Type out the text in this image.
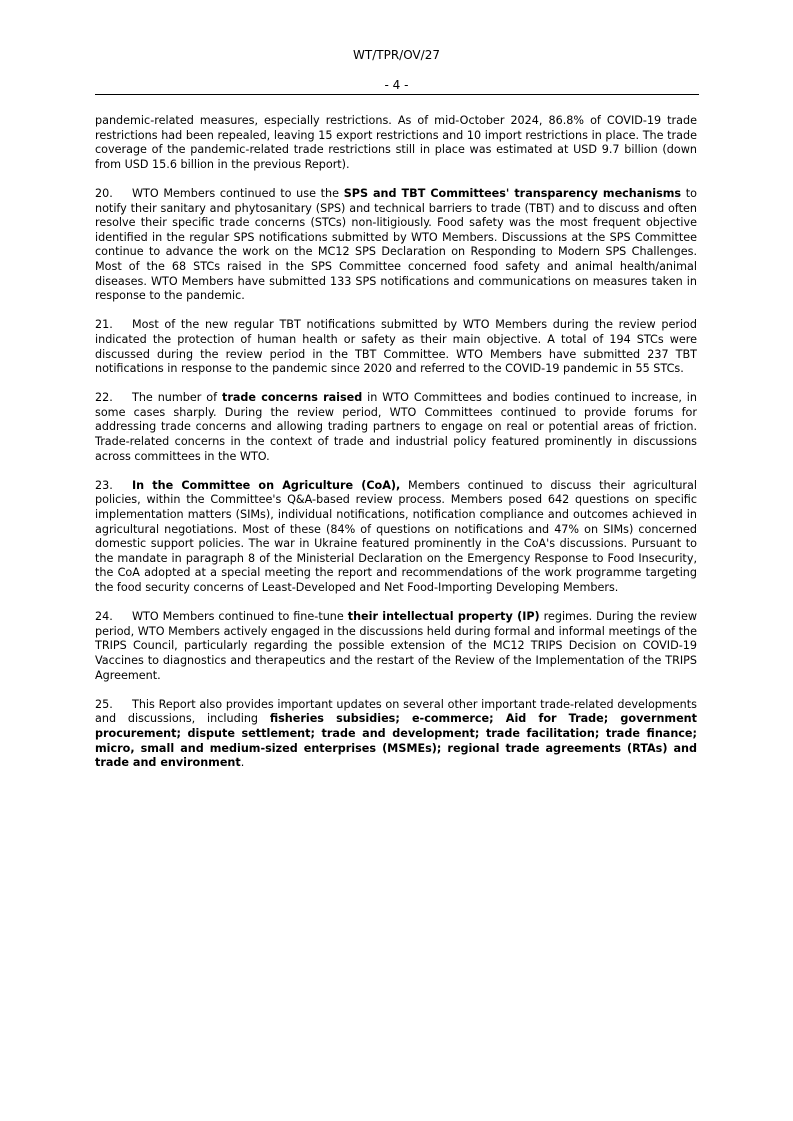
WT/TPR/OV/27
- 4 -

pandemic-related measures, especially restrictions. As of mid-October 2024, 86.8% of COVID-19 trade restrictions had been repealed, leaving 15 export restrictions and 10 import restrictions in place. The trade coverage of the pandemic-related trade restrictions still in place was estimated at USD 9.7 billion (down from USD 15.6 billion in the previous Report).

20. WTO Members continued to use the SPS and TBT Committees' transparency mechanisms to notify their sanitary and phytosanitary (SPS) and technical barriers to trade (TBT) and to discuss and often resolve their specific trade concerns (STCs) non-litigiously. Food safety was the most frequent objective identified in the regular SPS notifications submitted by WTO Members. Discussions at the SPS Committee continue to advance the work on the MC12 SPS Declaration on Responding to Modern SPS Challenges. Most of the 68 STCs raised in the SPS Committee concerned food safety and animal health/animal diseases. WTO Members have submitted 133 SPS notifications and communications on measures taken in response to the pandemic.

21. Most of the new regular TBT notifications submitted by WTO Members during the review period indicated the protection of human health or safety as their main objective. A total of 194 STCs were discussed during the review period in the TBT Committee. WTO Members have submitted 237 TBT notifications in response to the pandemic since 2020 and referred to the COVID-19 pandemic in 55 STCs.

22. The number of trade concerns raised in WTO Committees and bodies continued to increase, in some cases sharply. During the review period, WTO Committees continued to provide forums for addressing trade concerns and allowing trading partners to engage on real or potential areas of friction. Trade-related concerns in the context of trade and industrial policy featured prominently in discussions across committees in the WTO.

23. In the Committee on Agriculture (CoA), Members continued to discuss their agricultural policies, within the Committee's Q&A-based review process. Members posed 642 questions on specific implementation matters (SIMs), individual notifications, notification compliance and outcomes achieved in agricultural negotiations. Most of these (84% of questions on notifications and 47% on SIMs) concerned domestic support policies. The war in Ukraine featured prominently in the CoA's discussions. Pursuant to the mandate in paragraph 8 of the Ministerial Declaration on the Emergency Response to Food Insecurity, the CoA adopted at a special meeting the report and recommendations of the work programme targeting the food security concerns of Least-Developed and Net Food-Importing Developing Members.

24. WTO Members continued to fine-tune their intellectual property (IP) regimes. During the review period, WTO Members actively engaged in the discussions held during formal and informal meetings of the TRIPS Council, particularly regarding the possible extension of the MC12 TRIPS Decision on COVID-19 Vaccines to diagnostics and therapeutics and the restart of the Review of the Implementation of the TRIPS Agreement.

25. This Report also provides important updates on several other important trade-related developments and discussions, including fisheries subsidies; e-commerce; Aid for Trade; government procurement; dispute settlement; trade and development; trade facilitation; trade finance; micro, small and medium-sized enterprises (MSMEs); regional trade agreements (RTAs) and trade and environment.
